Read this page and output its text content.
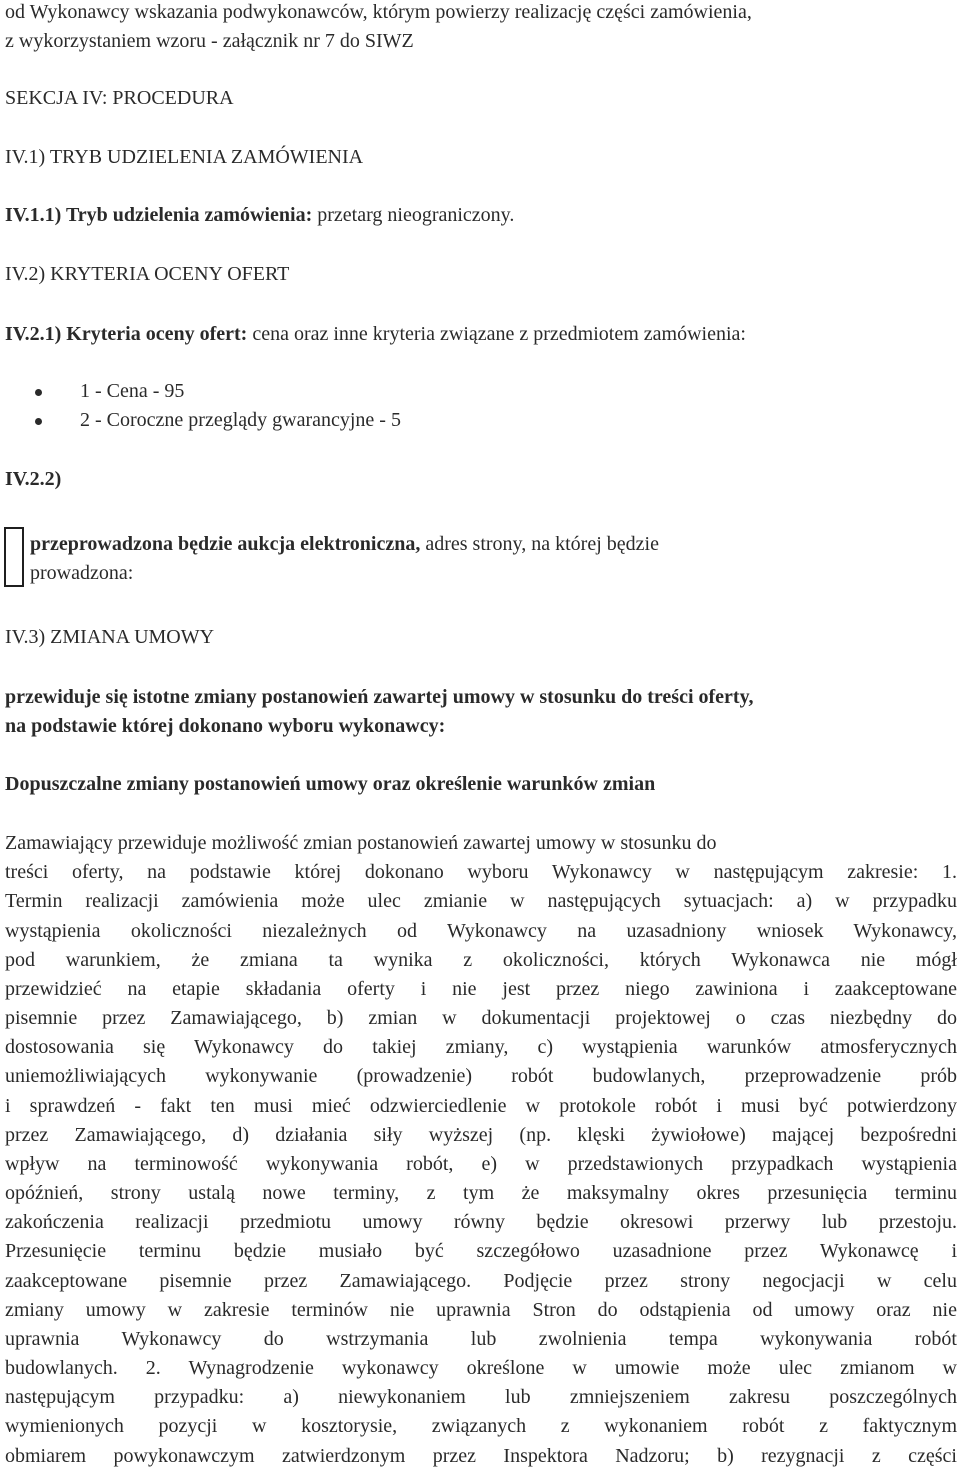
od Wykonawcy wskazania podwykonawców, którym powierzy realizację części zamówienia,
z wykorzystaniem wzoru - załącznik nr 7 do SIWZ

SEKCJA IV: PROCEDURA

IV.1) TRYB UDZIELENIA ZAMÓWIENIA

IV.1.1) Tryb udzielenia zamówienia: przetarg nieograniczony.

IV.2) KRYTERIA OCENY OFERT

IV.2.1) Kryteria oceny ofert: cena oraz inne kryteria związane z przedmiotem zamówienia:

1 - Cena - 95
2 - Coroczne przeglądy gwarancyjne - 5

IV.2.2)

przeprowadzona będzie aukcja elektroniczna, adres strony, na której będzie
prowadzona:

IV.3) ZMIANA UMOWY

przewiduje się istotne zmiany postanowień zawartej umowy w stosunku do treści oferty,
na podstawie której dokonano wyboru wykonawcy:

Dopuszczalne zmiany postanowień umowy oraz określenie warunków zmian

Zamawiający przewiduje możliwość zmian postanowień zawartej umowy w stosunku do
treści oferty, na podstawie której dokonano wyboru Wykonawcy w następującym zakresie: 1.
Termin realizacji zamówienia może ulec zmianie w następujących sytuacjach: a) w przypadku
wystąpienia okoliczności niezależnych od Wykonawcy na uzasadniony wniosek Wykonawcy,
pod warunkiem, że zmiana ta wynika z okoliczności, których Wykonawca nie mógł
przewidzieć na etapie składania oferty i nie jest przez niego zawiniona i zaakceptowane
pisemnie przez Zamawiającego, b) zmian w dokumentacji projektowej o czas niezbędny do
dostosowania się Wykonawcy do takiej zmiany, c) wystąpienia warunków atmosferycznych
uniemożliwiających wykonywanie (prowadzenie) robót budowlanych, przeprowadzenie prób
i sprawdzeń - fakt ten musi mieć odzwierciedlenie w protokole robót i musi być potwierdzony
przez Zamawiającego, d) działania siły wyższej (np. klęski żywiołowe) mającej bezpośredni
wpływ na terminowość wykonywania robót, e) w przedstawionych przypadkach wystąpienia
opóźnień, strony ustalą nowe terminy, z tym że maksymalny okres przesunięcia terminu
zakończenia realizacji przedmiotu umowy równy będzie okresowi przerwy lub przestoju.
Przesunięcie terminu będzie musiało być szczegółowo uzasadnione przez Wykonawcę i
zaakceptowane pisemnie przez Zamawiającego. Podjęcie przez strony negocjacji w celu
zmiany umowy w zakresie terminów nie uprawnia Stron do odstąpienia od umowy oraz nie
uprawnia Wykonawcy do wstrzymania lub zwolnienia tempa wykonywania robót
budowlanych. 2. Wynagrodzenie wykonawcy określone w umowie może ulec zmianom w
następującym przypadku: a) niewykonaniem lub zmniejszeniem zakresu poszczególnych
wymienionych pozycji w kosztorysie, związanych z wykonaniem robót z faktycznym
obmiarem powykonawczym zatwierdzonym przez Inspektora Nadzoru; b) rezygnacji z części
